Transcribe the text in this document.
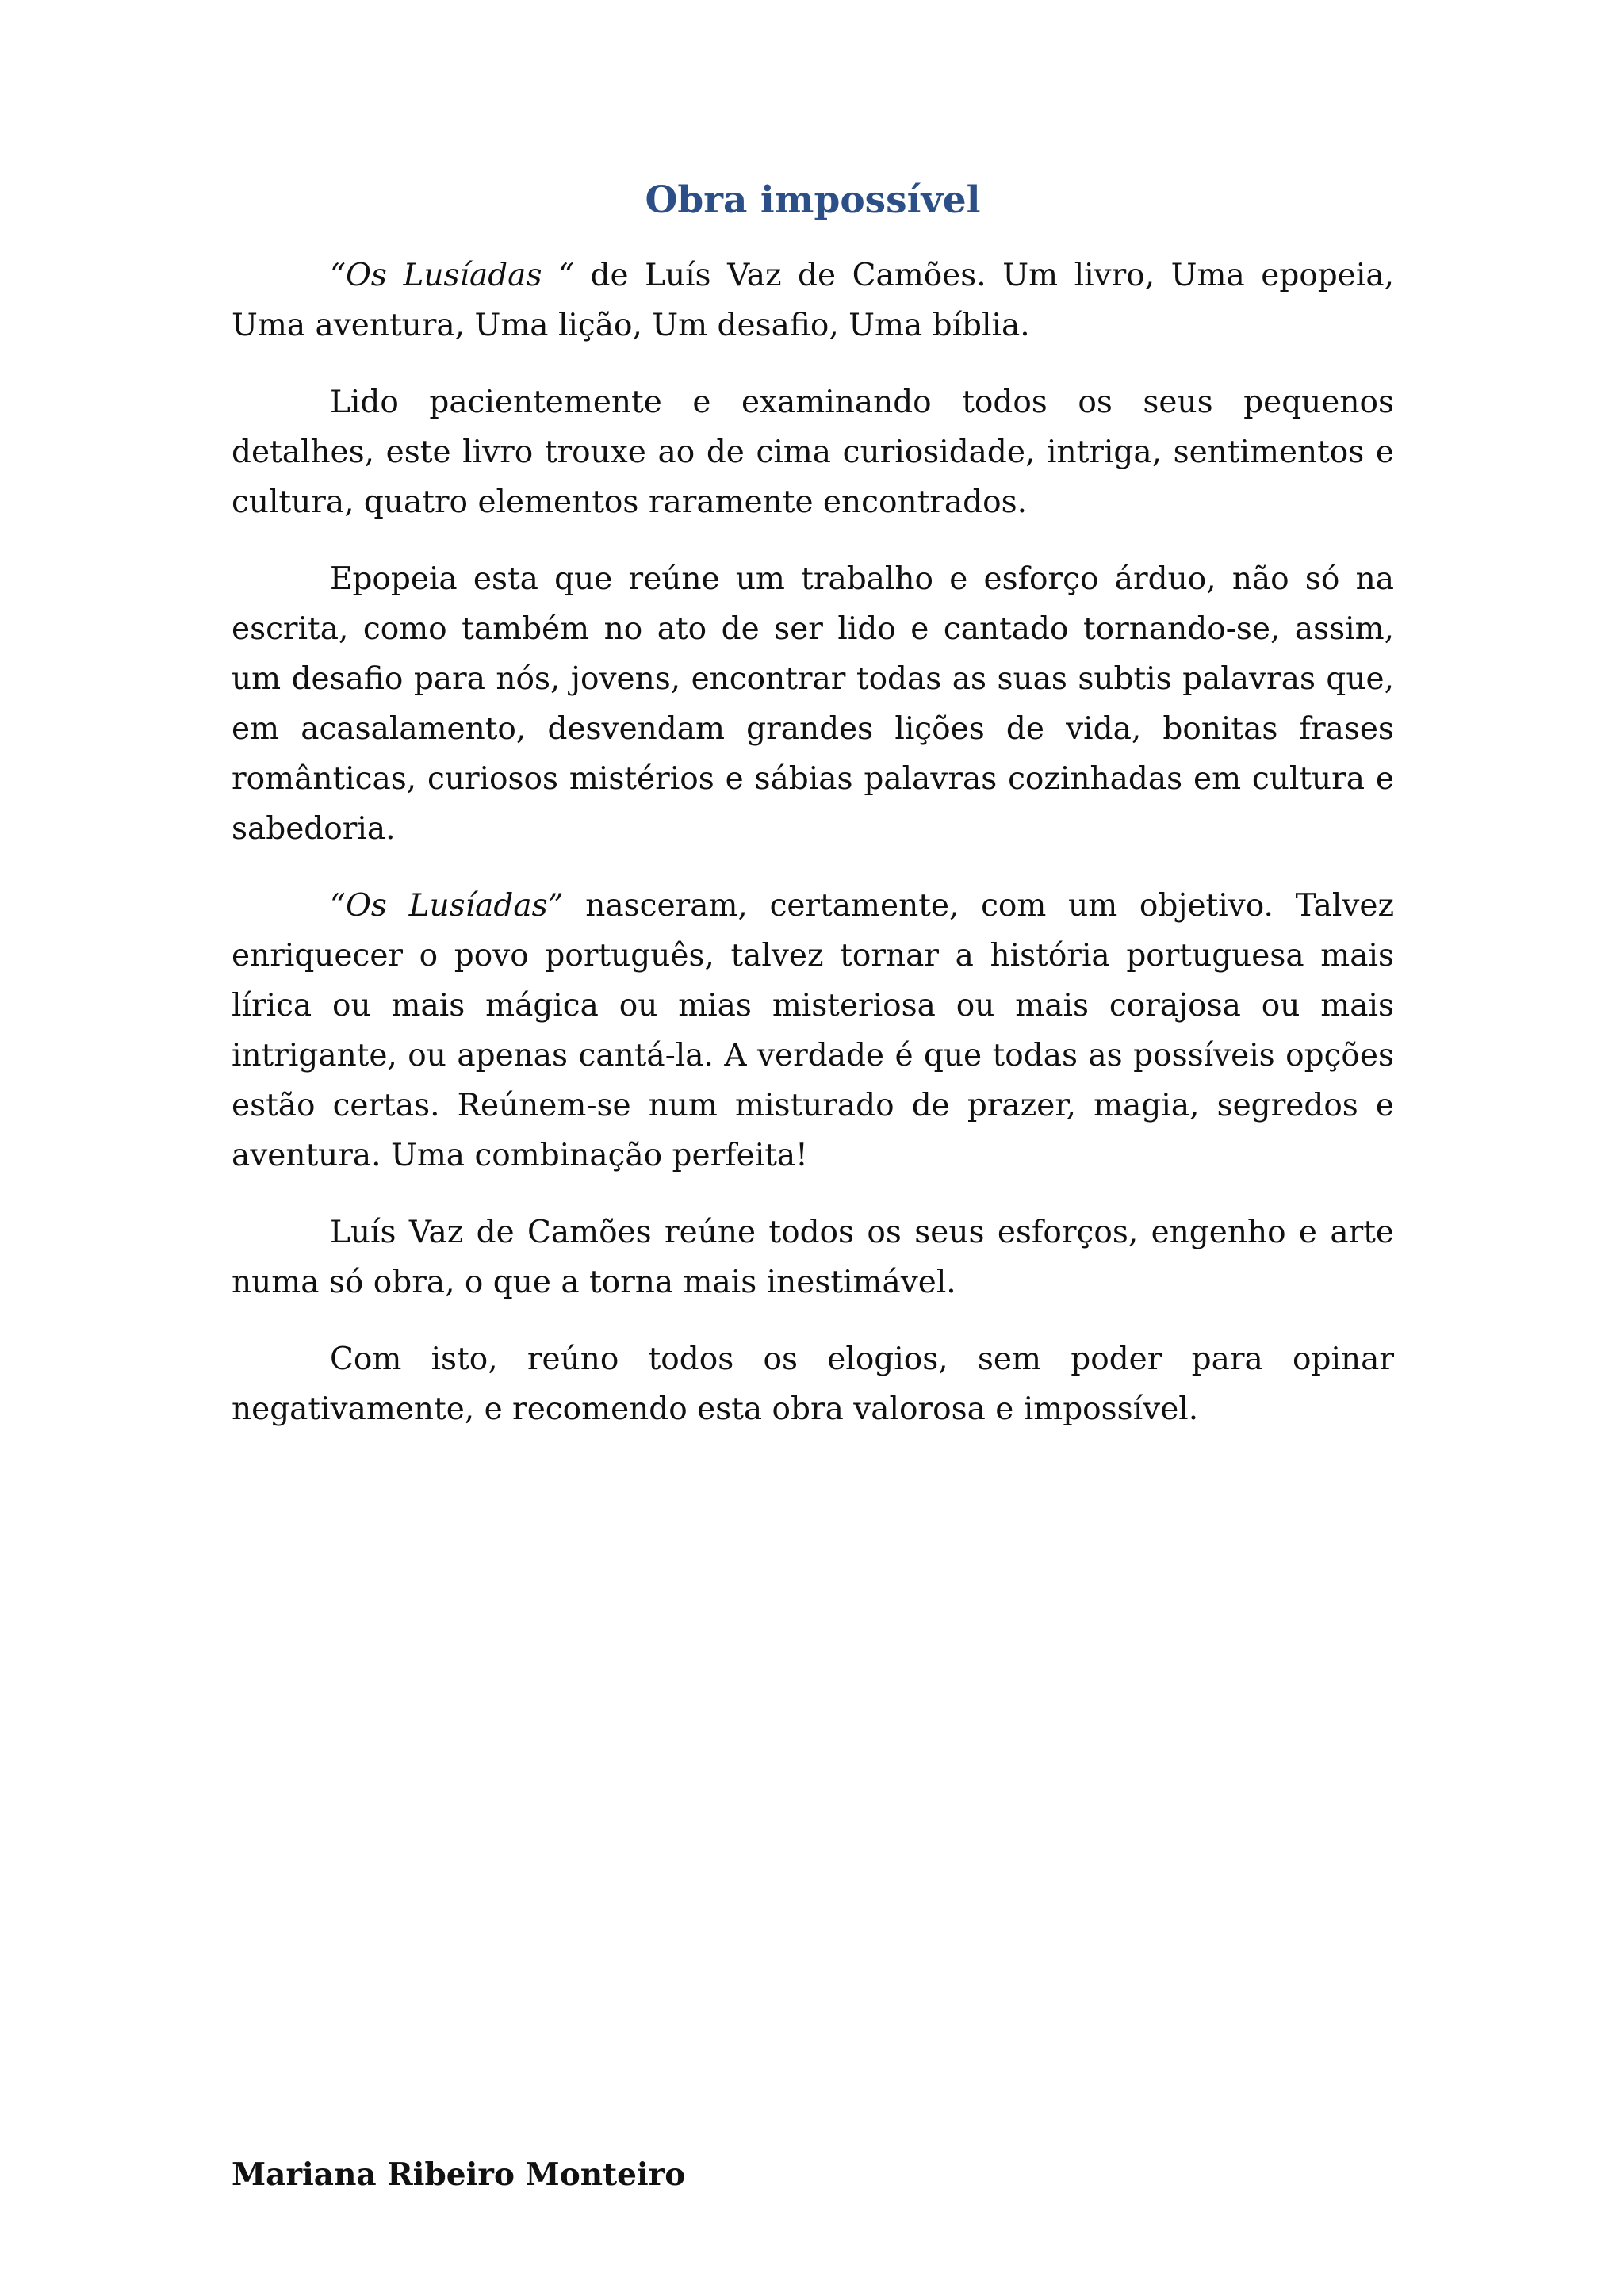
Obra impossível

“Os Lusíadas “ de Luís Vaz de Camões. Um livro, Uma epopeia, Uma aventura, Uma lição, Um desafio, Uma bíblia.

Lido pacientemente e examinando todos os seus pequenos detalhes, este livro trouxe ao de cima curiosidade, intriga, sentimentos e cultura, quatro elementos raramente encontrados.

Epopeia esta que reúne um trabalho e esforço árduo, não só na escrita, como também no ato de ser lido e cantado tornando-se, assim, um desafio para nós, jovens, encontrar todas as suas subtis palavras que, em acasalamento, desvendam grandes lições de vida, bonitas frases românticas, curiosos mistérios e sábias palavras cozinhadas em cultura e sabedoria.

“Os Lusíadas” nasceram, certamente, com um objetivo. Talvez enriquecer o povo português, talvez tornar a história portuguesa mais lírica ou mais mágica ou mias misteriosa ou mais corajosa ou mais intrigante, ou apenas cantá-la. A verdade é que todas as possíveis opções estão certas. Reúnem-se num misturado de prazer, magia, segredos e aventura. Uma combinação perfeita!

Luís Vaz de Camões reúne todos os seus esforços, engenho e arte numa só obra, o que a torna mais inestimável.

Com isto, reúno todos os elogios, sem poder para opinar negativamente, e recomendo esta obra valorosa e impossível.

Mariana Ribeiro Monteiro
